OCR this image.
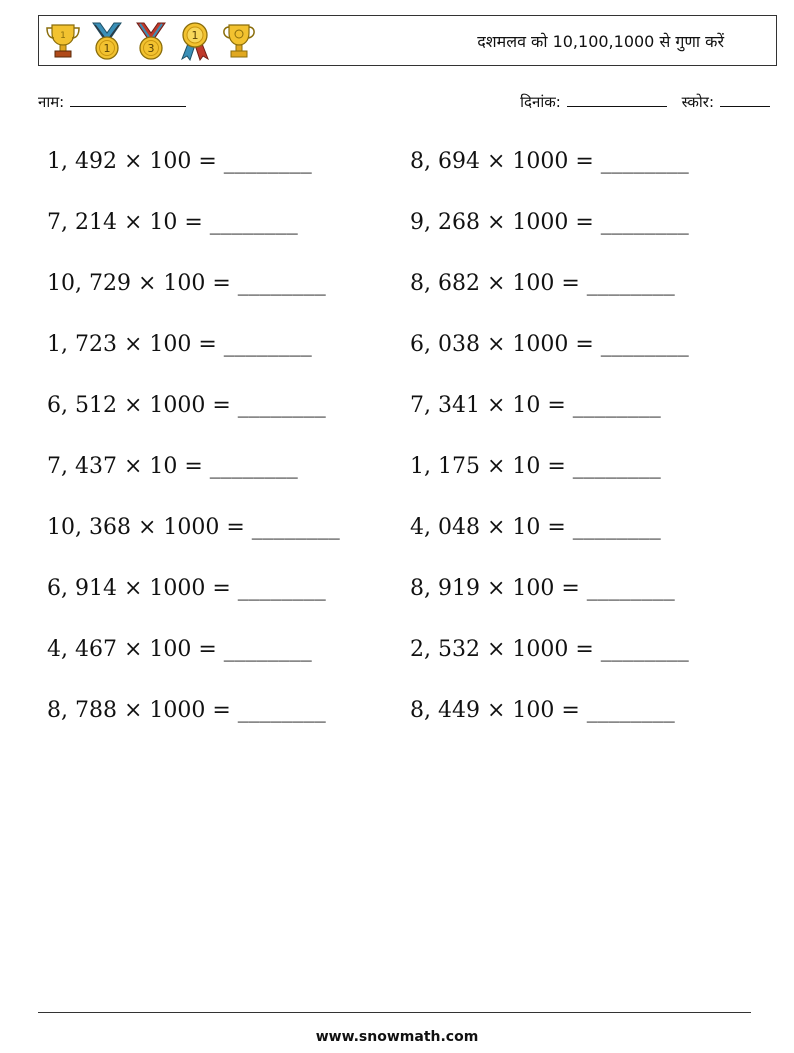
1
1	3
1	दशमलव को 10,100,1000 से गुणा करें
नाम:	दिनांक:	स्कोर:
1, 492 × 100 = ________	8, 694 × 1000 = ________
7, 214 × 10 = ________	9, 268 × 1000 = ________
10, 729 × 100 = ________	8, 682 × 100 = ________
1, 723 × 100 = ________	6, 038 × 1000 = ________
6, 512 × 1000 = ________	7, 341 × 10 = ________
7, 437 × 10 = ________	1, 175 × 10 = ________
10, 368 × 1000 = ________	4, 048 × 10 = ________
6, 914 × 1000 = ________	8, 919 × 100 = ________
4, 467 × 100 = ________	2, 532 × 1000 = ________
8, 788 × 1000 = ________	8, 449 × 100 = ________
www.snowmath.com
